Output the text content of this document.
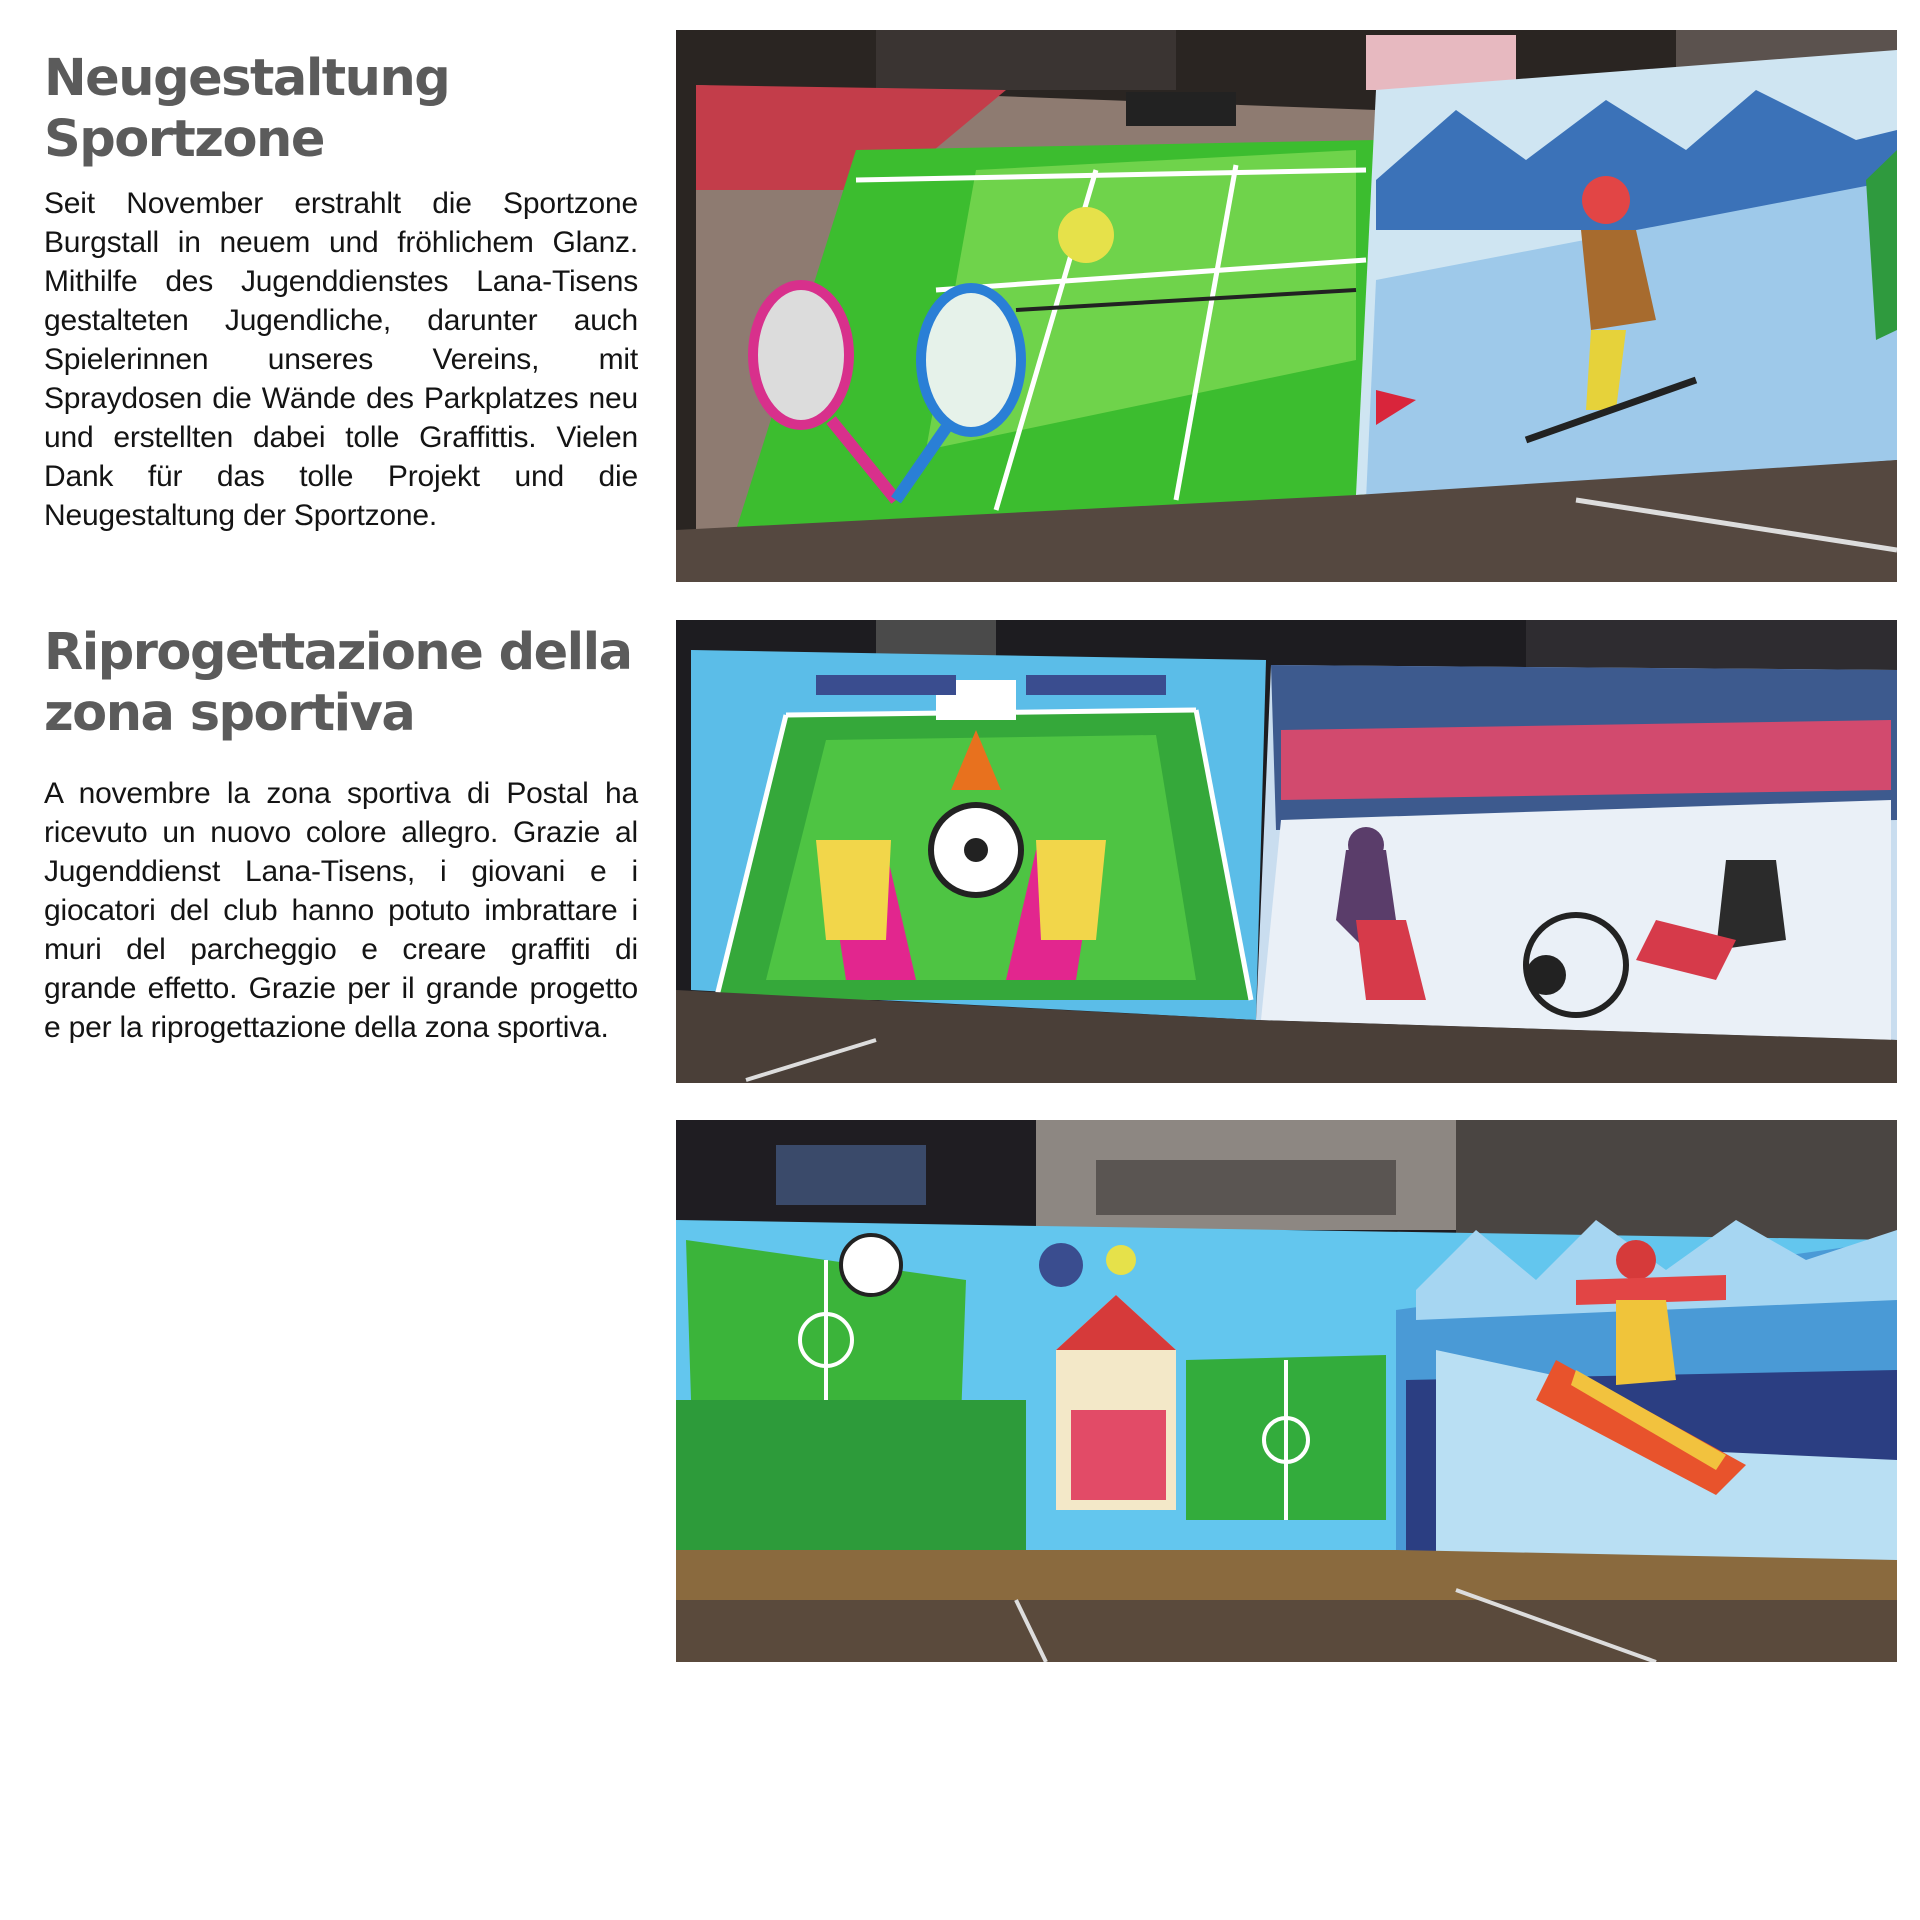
Neugestaltung
Sportzone

Seit November erstrahlt die Sportzone Burgstall in neuem und fröhlichem Glanz. Mithilfe des Jugenddienstes Lana-Tisens gestalteten Jugendliche, darunter auch Spielerinnen unseres Vereins, mit Spraydosen die Wände des Parkplatzes neu und erstellten dabei tolle Graffittis. Vielen Dank für das tolle Projekt und die Neugestaltung der Sportzone.

Riprogettazione della
zona sportiva

A novembre la zona sportiva di Postal ha ricevuto un nuovo colore allegro. Grazie al Jugenddienst Lana-Tisens, i giovani e i giocatori del club hanno potuto imbrattare i muri del parcheggio e creare graffiti di grande effetto. Grazie per il grande progetto e per la riprogettazione della zona sportiva.
